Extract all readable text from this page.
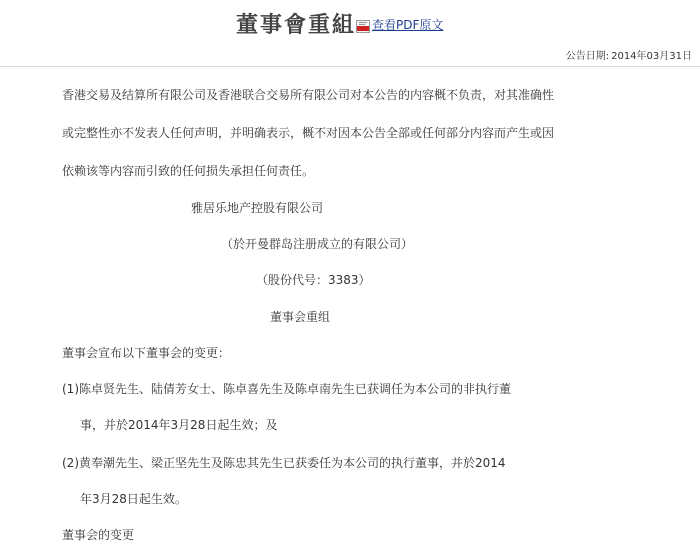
董事會重組 查看PDF原文
公告日期: 2014年03月31日
香港交易及结算所有限公司及香港联合交易所有限公司对本公告的内容概不负责，对其准确性
或完整性亦不发表人任何声明，并明确表示，概不对因本公告全部或任何部分内容而产生或因
依赖该等内容而引致的任何损失承担任何责任。
雅居乐地产控股有限公司
（於开曼群岛注册成立的有限公司）
（股份代号：3383）
董事会重组
董事会宣布以下董事会的变更：
(1)陈卓贤先生、陆倩芳女士、陈卓喜先生及陈卓南先生已获调任为本公司的非执行董
事，并於2014年3月28日起生效；及
(2)黄奉潮先生、梁正坚先生及陈忠其先生已获委任为本公司的执行董事，并於2014
年3月28日起生效。
董事会的变更
